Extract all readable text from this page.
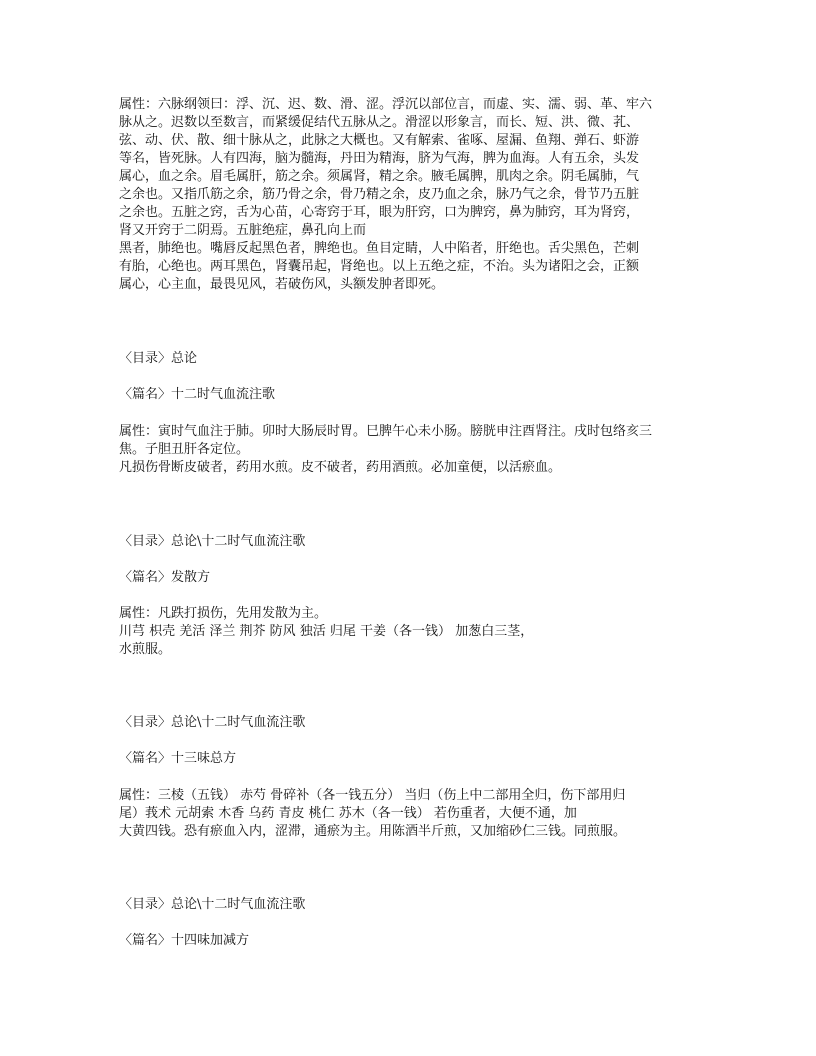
属性：六脉纲领曰：浮、沉、迟、数、滑、涩。浮沉以部位言，而虚、实、濡、弱、革、牢六
脉从之。迟数以至数言，而紧缓促结代五脉从之。滑涩以形象言，而长、短、洪、微、芤、
弦、动、伏、散、细十脉从之，此脉之大概也。又有解索、雀啄、屋漏、鱼翔、弹石、虾游
等名，皆死脉。人有四海，脑为髓海，丹田为精海，脐为气海，脾为血海。人有五余，头发
属心，血之余。眉毛属肝，筋之余。须属肾，精之余。腋毛属脾，肌肉之余。阴毛属肺，气
之余也。又指爪筋之余，筋乃骨之余，骨乃精之余，皮乃血之余，脉乃气之余，骨节乃五脏
之余也。五脏之窍，舌为心苗，心寄窍于耳，眼为肝窍，口为脾窍，鼻为肺窍，耳为肾窍，
肾又开窍于二阴焉。五脏绝症，鼻孔向上而
黑者，肺绝也。嘴唇反起黑色者，脾绝也。鱼目定睛，人中陷者，肝绝也。舌尖黑色，芒刺
有胎，心绝也。两耳黑色，肾囊吊起，肾绝也。以上五绝之症，不治。头为诸阳之会，正额
属心，心主血，最畏见风，若破伤风，头额发肿者即死。
〈目录〉总论
〈篇名〉十二时气血流注歌
属性：寅时气血注于肺。卯时大肠辰时胃。巳脾午心未小肠。膀胱申注酉肾注。戌时包络亥三
焦。子胆丑肝各定位。
凡损伤骨断皮破者，药用水煎。皮不破者，药用酒煎。必加童便，以活瘀血。
〈目录〉总论\十二时气血流注歌
〈篇名〉发散方
属性：凡跌打损伤，先用发散为主。
川芎 枳壳 羌活 泽兰 荆芥 防风 独活 归尾 干姜（各一钱） 加葱白三茎，
水煎服。
〈目录〉总论\十二时气血流注歌
〈篇名〉十三味总方
属性：三棱（五钱） 赤芍 骨碎补（各一钱五分） 当归（伤上中二部用全归，伤下部用归
尾）莪术 元胡索 木香 乌药 青皮 桃仁 苏木（各一钱） 若伤重者，大便不通，加
大黄四钱。恐有瘀血入内，涩滞，通瘀为主。用陈酒半斤煎，又加缩砂仁三钱。同煎服。
〈目录〉总论\十二时气血流注歌
〈篇名〉十四味加减方
